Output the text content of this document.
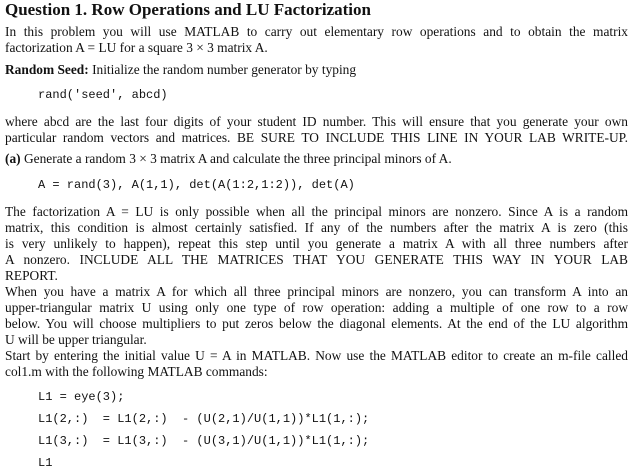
Question 1. Row Operations and LU Factorization
In this problem you will use MATLAB to carry out elementary row operations and to obtain the matrix
factorization A = LU for a square 3 × 3 matrix A.
Random Seed: Initialize the random number generator by typing
rand('seed', abcd)
where abcd are the last four digits of your student ID number. This will ensure that you generate your own
particular random vectors and matrices. BE SURE TO INCLUDE THIS LINE IN YOUR LAB WRITE-UP.
(a) Generate a random 3 × 3 matrix A and calculate the three principal minors of A.
A = rand(3), A(1,1), det(A(1:2,1:2)), det(A)
The factorization A = LU is only possible when all the principal minors are nonzero. Since A is a random
matrix, this condition is almost certainly satisfied. If any of the numbers after the matrix A is zero (this
is very unlikely to happen), repeat this step until you generate a matrix A with all three numbers after
A nonzero. INCLUDE ALL THE MATRICES THAT YOU GENERATE THIS WAY IN YOUR LAB
REPORT.
When you have a matrix A for which all three principal minors are nonzero, you can transform A into an
upper-triangular matrix U using only one type of row operation: adding a multiple of one row to a row
below. You will choose multipliers to put zeros below the diagonal elements. At the end of the LU algorithm
U will be upper triangular.
Start by entering the initial value U = A in MATLAB. Now use the MATLAB editor to create an m-file called
col1.m with the following MATLAB commands:
L1 = eye(3);
L1(2,:)  = L1(2,:)  - (U(2,1)/U(1,1))*L1(1,:);
L1(3,:)  = L1(3,:)  - (U(3,1)/U(1,1))*L1(1,:);
L1
